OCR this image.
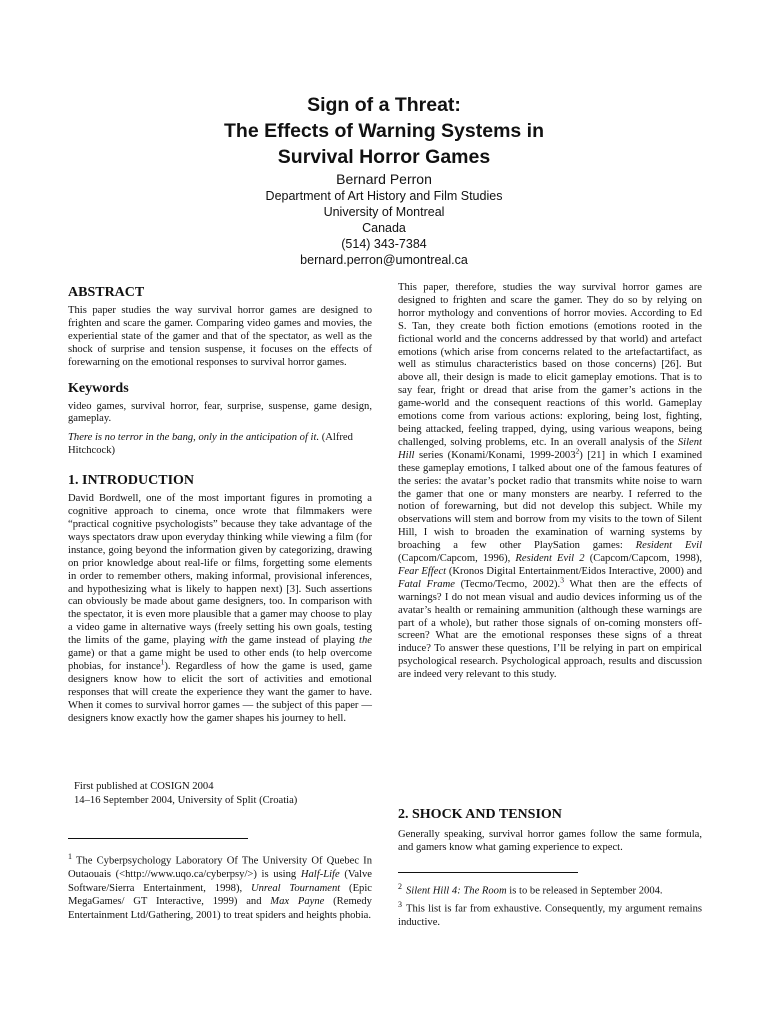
Sign of a Threat:
The Effects of Warning Systems in
Survival Horror Games
Bernard Perron
Department of Art History and Film Studies
University of Montreal
Canada
(514) 343-7384
bernard.perron@umontreal.ca
ABSTRACT

This paper studies the way survival horror games are designed to frighten and scare the gamer. Comparing video games and movies, the experiential state of the gamer and that of the spectator, as well as the shock of surprise and tension suspense, it focuses on the effects of forewarning on the emotional responses to survival horror games.

Keywords

video games, survival horror, fear, surprise, suspense, game design, gameplay.

There is no terror in the bang, only in the anticipation of it. (Alfred Hitchcock)

1. INTRODUCTION

David Bordwell, one of the most important figures in promoting a cognitive approach to cinema, once wrote that filmmakers were “practical cognitive psychologists” because they take advantage of the ways spectators draw upon everyday thinking while viewing a film (for instance, going beyond the information given by categorizing, drawing on prior knowledge about real-life or films, forgetting some elements in order to remember others, making informal, provisional inferences, and hypothesizing what is likely to happen next) [3]. Such assertions can obviously be made about game designers, too. In comparison with the spectator, it is even more plausible that a gamer may choose to play a video game in alternative ways (freely setting his own goals, testing the limits of the game, playing with the game instead of playing the game) or that a game might be used to other ends (to help overcome phobias, for instance$^1$). Regardless of how the game is used, game designers know how to elicit the sort of activities and emotional responses that will create the experience they want the gamer to have. When it comes to survival horror games — the subject of this paper — designers know exactly how the gamer shapes his journey to hell.

First published at COSIGN 2004
14–16 September 2004, University of Split (Croatia)
$^1$ The Cyberpsychology Laboratory Of The University Of Quebec In Outaouais (<http://www.uqo.ca/cyberpsy/>) is using Half-Life (Valve Software/Sierra Entertainment, 1998), Unreal Tournament (Epic MegaGames/ GT Interactive, 1999) and Max Payne (Remedy Entertainment Ltd/Gathering, 2001) to treat spiders and heights phobia.

This paper, therefore, studies the way survival horror games are designed to frighten and scare the gamer. They do so by relying on horror mythology and conventions of horror movies. According to Ed S. Tan, they create both fiction emotions (emotions rooted in the fictional world and the concerns addressed by that world) and artefact emotions (which arise from concerns related to the artefactartifact, as well as stimulus characteristics based on those concerns) [26]. But above all, their design is made to elicit gameplay emotions. That is to say fear, fright or dread that arise from the gamer’s actions in the game-world and the consequent reactions of this world. Gameplay emotions come from various actions: exploring, being lost, fighting, being attacked, feeling trapped, dying, using various weapons, being challenged, solving problems, etc. In an overall analysis of the Silent Hill series (Konami/Konami, 1999-2003$^2$) [21] in which I examined these gameplay emotions, I talked about one of the famous features of the series: the avatar’s pocket radio that transmits white noise to warn the gamer that one or many monsters are nearby. I referred to the notion of forewarning, but did not develop this subject. While my observations will stem and borrow from my visits to the town of Silent Hill, I wish to broaden the examination of warning systems by broaching a few other PlaySation games: Resident Evil (Capcom/Capcom, 1996), Resident Evil 2 (Capcom/Capcom, 1998), Fear Effect (Kronos Digital Entertainment/Eidos Interactive, 2000) and Fatal Frame (Tecmo/Tecmo, 2002).$^3$ What then are the effects of warnings? I do not mean visual and audio devices informing us of the avatar’s health or remaining ammunition (although these warnings are part of a whole), but rather those signals of on-coming monsters off-screen? What are the emotional responses these signs of a threat induce? To answer these questions, I’ll be relying in part on empirical psychological research. Psychological approach, results and discussion are indeed very relevant to this study.

2. SHOCK AND TENSION

Generally speaking, survival horror games follow the same formula, and gamers know what gaming experience to expect.

$^2$ Silent Hill 4: The Room is to be released in September 2004.
$^3$ This list is far from exhaustive. Consequently, my argument remains inductive.
